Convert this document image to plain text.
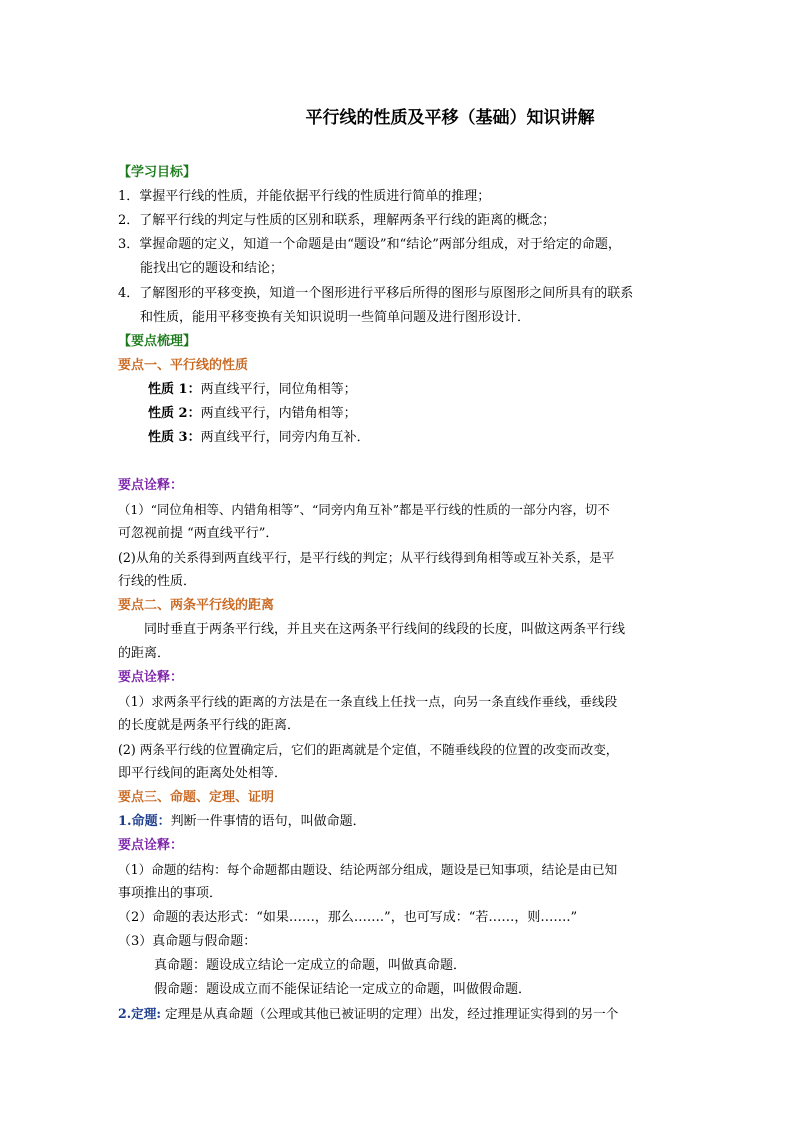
平行线的性质及平移（基础）知识讲解
【学习目标】
1．掌握平行线的性质，并能依据平行线的性质进行简单的推理；
2．了解平行线的判定与性质的区别和联系，理解两条平行线的距离的概念；
3．掌握命题的定义，知道一个命题是由“题设”和“结论”两部分组成，对于给定的命题，
能找出它的题设和结论；
4．了解图形的平移变换，知道一个图形进行平移后所得的图形与原图形之间所具有的联系
和性质，能用平移变换有关知识说明一些简单问题及进行图形设计．
【要点梳理】
要点一、平行线的性质
性质 1：两直线平行，同位角相等；
性质 2：两直线平行，内错角相等；
性质 3：两直线平行，同旁内角互补．
要点诠释：
（1）“同位角相等、内错角相等”、“同旁内角互补”都是平行线的性质的一部分内容，切不
可忽视前提 “两直线平行”．
(2)从角的关系得到两直线平行，是平行线的判定；从平行线得到角相等或互补关系，是平
行线的性质．
要点二、两条平行线的距离
同时垂直于两条平行线，并且夹在这两条平行线间的线段的长度，叫做这两条平行线
的距离．
要点诠释：
（1）求两条平行线的距离的方法是在一条直线上任找一点，向另一条直线作垂线，垂线段
的长度就是两条平行线的距离．
(2) 两条平行线的位置确定后，它们的距离就是个定值，不随垂线段的位置的改变而改变，
即平行线间的距离处处相等．
要点三、命题、定理、证明
1.命题：判断一件事情的语句，叫做命题．
要点诠释：
（1）命题的结构：每个命题都由题设、结论两部分组成，题设是已知事项，结论是由已知
事项推出的事项．
（2）命题的表达形式：“如果……，那么…….”，也可写成：“若……，则…….”
（3）真命题与假命题：
真命题：题设成立结论一定成立的命题，叫做真命题．
假命题：题设成立而不能保证结论一定成立的命题，叫做假命题．
2.定理: 定理是从真命题（公理或其他已被证明的定理）出发，经过推理证实得到的另一个
